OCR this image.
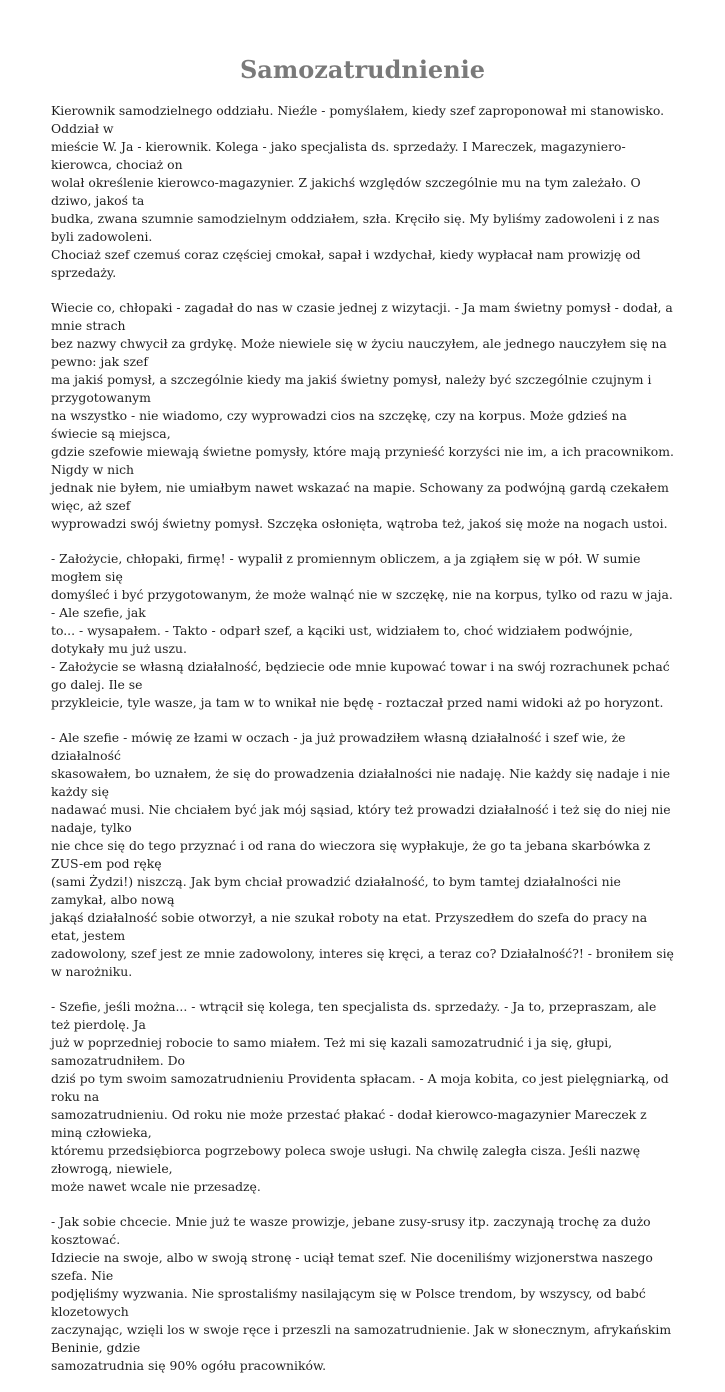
Samozatrudnienie

Kierownik samodzielnego oddziału. Nieźle - pomyślałem, kiedy szef zaproponował mi stanowisko. Oddział w
mieście W. Ja - kierownik. Kolega - jako specjalista ds. sprzedaży. I Mareczek, magazyniero-kierowca, chociaż on
wolał określenie kierowco-magazynier. Z jakichś względów szczególnie mu na tym zależało. O dziwo, jakoś ta
budka, zwana szumnie samodzielnym oddziałem, szła. Kręciło się. My byliśmy zadowoleni i z nas byli zadowoleni.
Chociaż szef czemuś coraz częściej cmokał, sapał i wzdychał, kiedy wypłacał nam prowizję od sprzedaży.

Wiecie co, chłopaki - zagadał do nas w czasie jednej z wizytacji. - Ja mam świetny pomysł - dodał, a mnie strach
bez nazwy chwycił za grdykę. Może niewiele się w życiu nauczyłem, ale jednego nauczyłem się na pewno: jak szef
ma jakiś pomysł, a szczególnie kiedy ma jakiś świetny pomysł, należy być szczególnie czujnym i przygotowanym
na wszystko - nie wiadomo, czy wyprowadzi cios na szczękę, czy na korpus. Może gdzieś na świecie są miejsca,
gdzie szefowie miewają świetne pomysły, które mają przynieść korzyści nie im, a ich pracownikom. Nigdy w nich
jednak nie byłem, nie umiałbym nawet wskazać na mapie. Schowany za podwójną gardą czekałem więc, aż szef
wyprowadzi swój świetny pomysł. Szczęka osłonięta, wątroba też, jakoś się może na nogach ustoi.

- Założycie, chłopaki, firmę! - wypalił z promiennym obliczem, a ja zgiąłem się w pół. W sumie mogłem się
domyśleć i być przygotowanym, że może walnąć nie w szczękę, nie na korpus, tylko od razu w jaja. - Ale szefie, jak
to... - wysapałem. - Takto - odparł szef, a kąciki ust, widziałem to, choć widziałem podwójnie, dotykały mu już uszu.
- Założycie se własną działalność, będziecie ode mnie kupować towar i na swój rozrachunek pchać go dalej. Ile se
przykleicie, tyle wasze, ja tam w to wnikał nie będę - roztaczał przed nami widoki aż po horyzont.

- Ale szefie - mówię ze łzami w oczach - ja już prowadziłem własną działalność i szef wie, że działalność
skasowałem, bo uznałem, że się do prowadzenia działalności nie nadaję. Nie każdy się nadaje i nie każdy się
nadawać musi. Nie chciałem być jak mój sąsiad, który też prowadzi działalność i też się do niej nie nadaje, tylko
nie chce się do tego przyznać i od rana do wieczora się wypłakuje, że go ta jebana skarbówka z ZUS-em pod rękę
(sami Żydzi!) niszczą. Jak bym chciał prowadzić działalność, to bym tamtej działalności nie zamykał, albo nową
jakąś działalność sobie otworzył, a nie szukał roboty na etat. Przyszedłem do szefa do pracy na etat, jestem
zadowolony, szef jest ze mnie zadowolony, interes się kręci, a teraz co? Działalność?! - broniłem się w narożniku.

- Szefie, jeśli można... - wtrącił się kolega, ten specjalista ds. sprzedaży. - Ja to, przepraszam, ale też pierdolę. Ja
już w poprzedniej robocie to samo miałem. Też mi się kazali samozatrudnić i ja się, głupi, samozatrudniłem. Do
dziś po tym swoim samozatrudnieniu Providenta spłacam. - A moja kobita, co jest pielęgniarką, od roku na
samozatrudnieniu. Od roku nie może przestać płakać - dodał kierowco-magazynier Mareczek z miną człowieka,
któremu przedsiębiorca pogrzebowy poleca swoje usługi. Na chwilę zaległa cisza. Jeśli nazwę złowrogą, niewiele,
może nawet wcale nie przesadzę.

- Jak sobie chcecie. Mnie już te wasze prowizje, jebane zusy-srusy itp. zaczynają trochę za dużo kosztować.
Idziecie na swoje, albo w swoją stronę - uciął temat szef. Nie doceniliśmy wizjonerstwa naszego szefa. Nie
podjęliśmy wyzwania. Nie sprostaliśmy nasilającym się w Polsce trendom, by wszyscy, od babć klozetowych
zaczynając, wzięli los w swoje ręce i przeszli na samozatrudnienie. Jak w słonecznym, afrykańskim Beninie, gdzie
samozatrudnia się 90% ogółu pracowników.
